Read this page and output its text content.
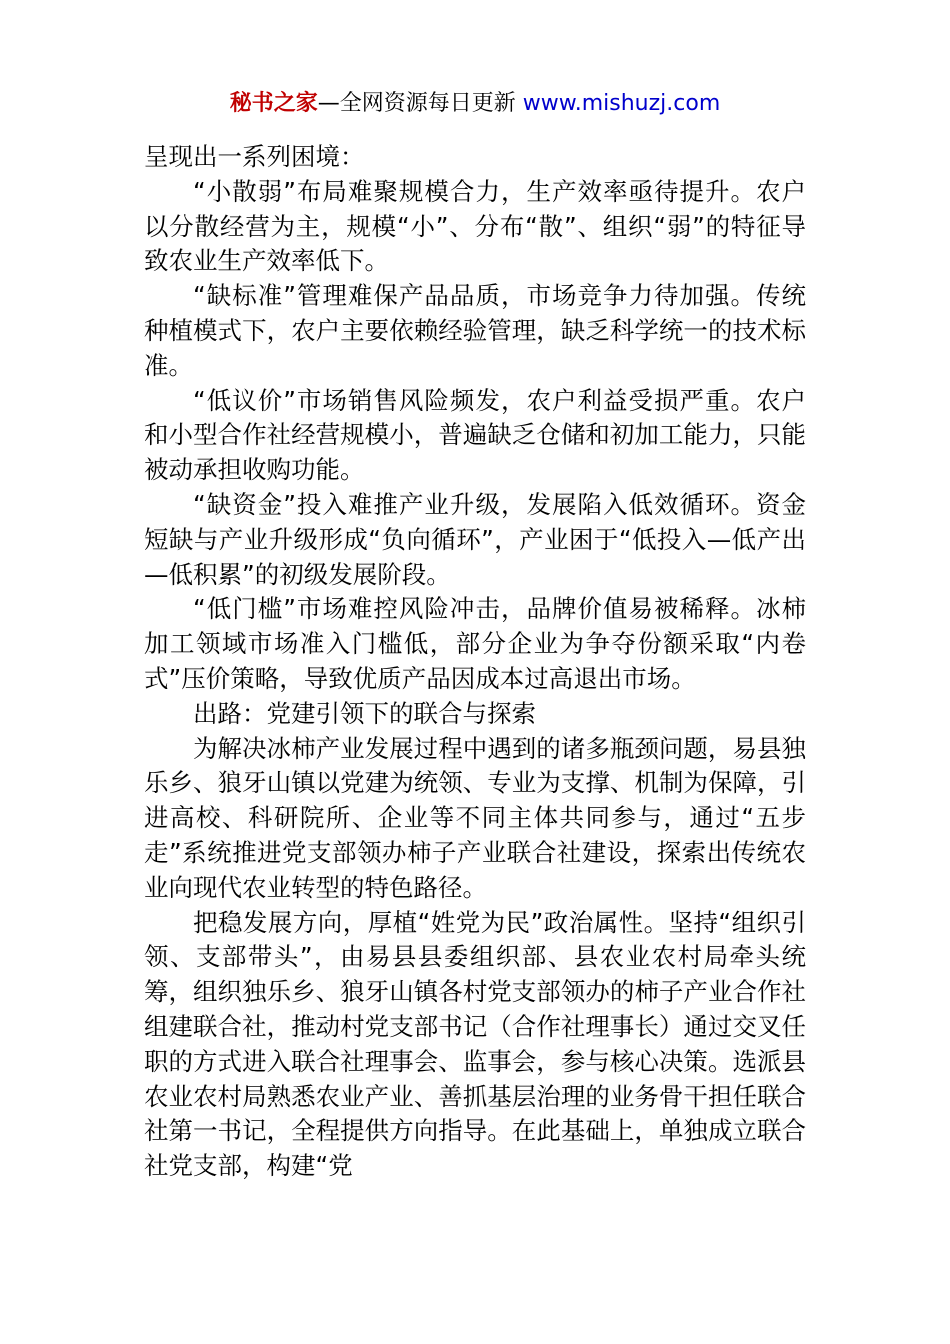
秘书之家—全网资源每日更新 www.mishuzj.com

呈现出一系列困境：

“小散弱”布局难聚规模合力，生产效率亟待提升。农户以分散经营为主，规模“小”、分布“散”、组织“弱”的特征导致农业生产效率低下。

“缺标准”管理难保产品品质，市场竞争力待加强。传统种植模式下，农户主要依赖经验管理，缺乏科学统一的技术标准。

“低议价”市场销售风险频发，农户利益受损严重。农户和小型合作社经营规模小，普遍缺乏仓储和初加工能力，只能被动承担收购功能。

“缺资金”投入难推产业升级，发展陷入低效循环。资金短缺与产业升级形成“负向循环”，产业困于“低投入—低产出—低积累”的初级发展阶段。

“低门槛”市场难控风险冲击，品牌价值易被稀释。冰柿加工领域市场准入门槛低，部分企业为争夺份额采取“内卷式”压价策略，导致优质产品因成本过高退出市场。

出路：党建引领下的联合与探索

为解决冰柿产业发展过程中遇到的诸多瓶颈问题，易县独乐乡、狼牙山镇以党建为统领、专业为支撑、机制为保障，引进高校、科研院所、企业等不同主体共同参与，通过“五步走”系统推进党支部领办柿子产业联合社建设，探索出传统农业向现代农业转型的特色路径。

把稳发展方向，厚植“姓党为民”政治属性。坚持“组织引领、支部带头”，由易县县委组织部、县农业农村局牵头统筹，组织独乐乡、狼牙山镇各村党支部领办的柿子产业合作社组建联合社，推动村党支部书记（合作社理事长）通过交叉任职的方式进入联合社理事会、监事会，参与核心决策。选派县农业农村局熟悉农业产业、善抓基层治理的业务骨干担任联合社第一书记，全程提供方向指导。在此基础上，单独成立联合社党支部，构建“党
